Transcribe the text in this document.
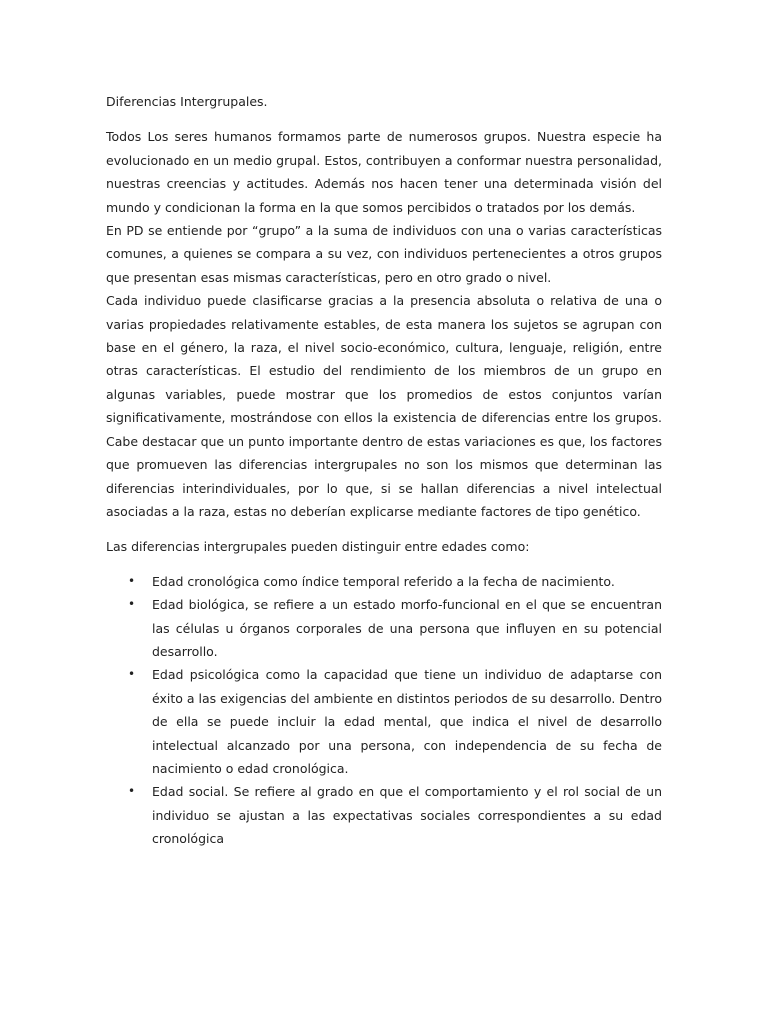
Diferencias Intergrupales.

Todos Los seres humanos formamos parte de numerosos grupos. Nuestra especie ha evolucionado en un medio grupal. Estos, contribuyen a conformar nuestra personalidad, nuestras creencias y actitudes. Además nos hacen tener una determinada visión del mundo y condicionan la forma en la que somos percibidos o tratados por los demás.

En PD se entiende por “grupo” a la suma de individuos con una o varias características comunes, a quienes se compara a su vez, con individuos pertenecientes a otros grupos que presentan esas mismas características, pero en otro grado o nivel.

Cada individuo puede clasificarse gracias a la presencia absoluta o relativa de una o varias propiedades relativamente estables, de esta manera los sujetos se agrupan con base en el género, la raza, el nivel socio-económico, cultura, lenguaje, religión, entre otras características. El estudio del rendimiento de los miembros de un grupo en algunas variables, puede mostrar que los promedios de estos conjuntos varían significativamente, mostrándose con ellos la existencia de diferencias entre los grupos. Cabe destacar que un punto importante dentro de estas variaciones es que, los factores que promueven las diferencias intergrupales no son los mismos que determinan las diferencias interindividuales, por lo que, si se hallan diferencias a nivel intelectual asociadas a la raza, estas no deberían explicarse mediante factores de tipo genético.

Las diferencias intergrupales pueden distinguir entre edades como:

• Edad cronológica como índice temporal referido a la fecha de nacimiento.
• Edad biológica, se refiere a un estado morfo-funcional en el que se encuentran las células u órganos corporales de una persona que influyen en su potencial desarrollo.
• Edad psicológica como la capacidad que tiene un individuo de adaptarse con éxito a las exigencias del ambiente en distintos periodos de su desarrollo. Dentro de ella se puede incluir la edad mental, que indica el nivel de desarrollo intelectual alcanzado por una persona, con independencia de su fecha de nacimiento o edad cronológica.
• Edad social. Se refiere al grado en que el comportamiento y el rol social de un individuo se ajustan a las expectativas sociales correspondientes a su edad cronológica
